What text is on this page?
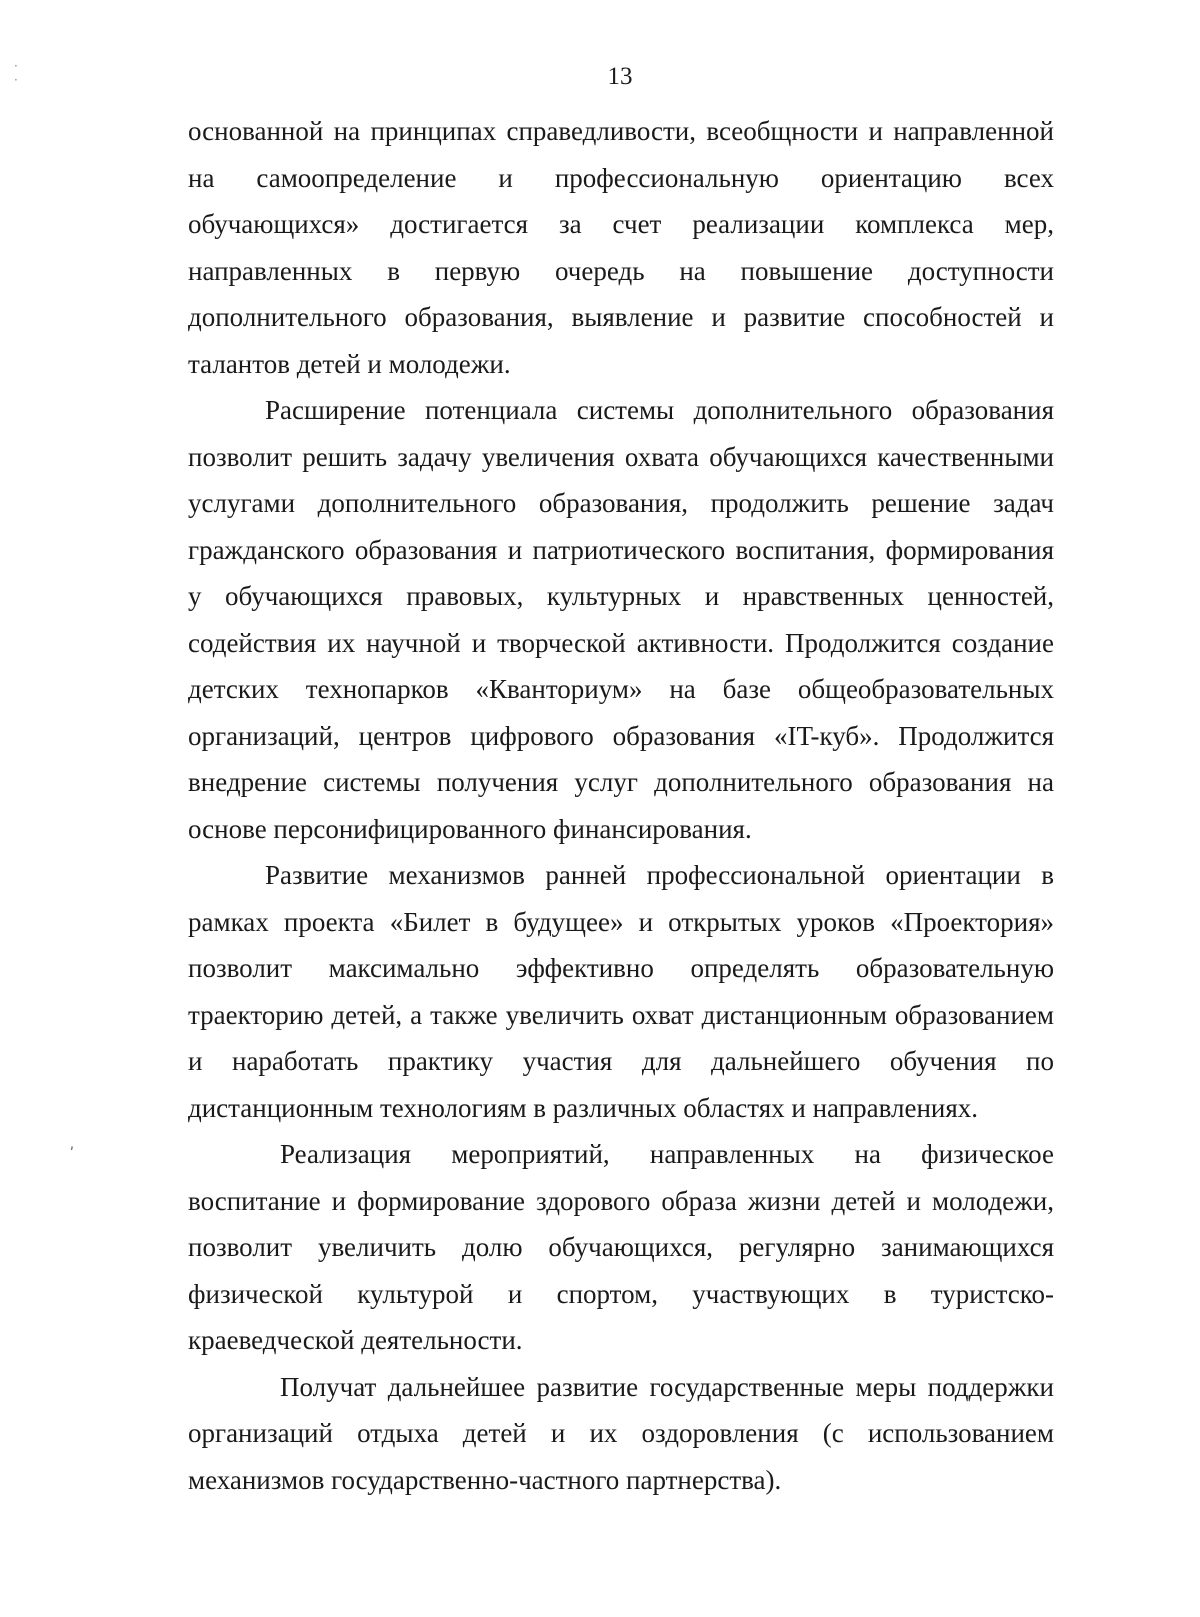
·
·
ʹ
13

основанной на принципах справедливости, всеобщности и направленной на самоопределение и профессиональную ориентацию всех обучающихся» достигается за счет реализации комплекса мер, направленных в первую очередь на повышение доступности дополнительного образования, выявление и развитие способностей и талантов детей и молодежи.

Расширение потенциала системы дополнительного образования позволит решить задачу увеличения охвата обучающихся качественными услугами дополнительного образования, продолжить решение задач гражданского образования и патриотического воспитания, формирования у обучающихся правовых, культурных и нравственных ценностей, содействия их научной и творческой активности. Продолжится создание детских технопарков «Кванториум» на базе общеобразовательных организаций, центров цифрового образования «IT-куб». Продолжится внедрение системы получения услуг дополнительного образования на основе персонифицированного финансирования.

Развитие механизмов ранней профессиональной ориентации в рамках проекта «Билет в будущее» и открытых уроков «Проектория» позволит максимально эффективно определять образовательную траекторию детей, а также увеличить охват дистанционным образованием и наработать практику участия для дальнейшего обучения по дистанционным технологиям в различных областях и направлениях.

Реализация мероприятий, направленных на физическое воспитание и формирование здорового образа жизни детей и молодежи, позволит увеличить долю обучающихся, регулярно занимающихся физической культурой и спортом, участвующих в туристско-краеведческой деятельности.

Получат дальнейшее развитие государственные меры поддержки организаций отдыха детей и их оздоровления (с использованием механизмов государственно-частного партнерства).
